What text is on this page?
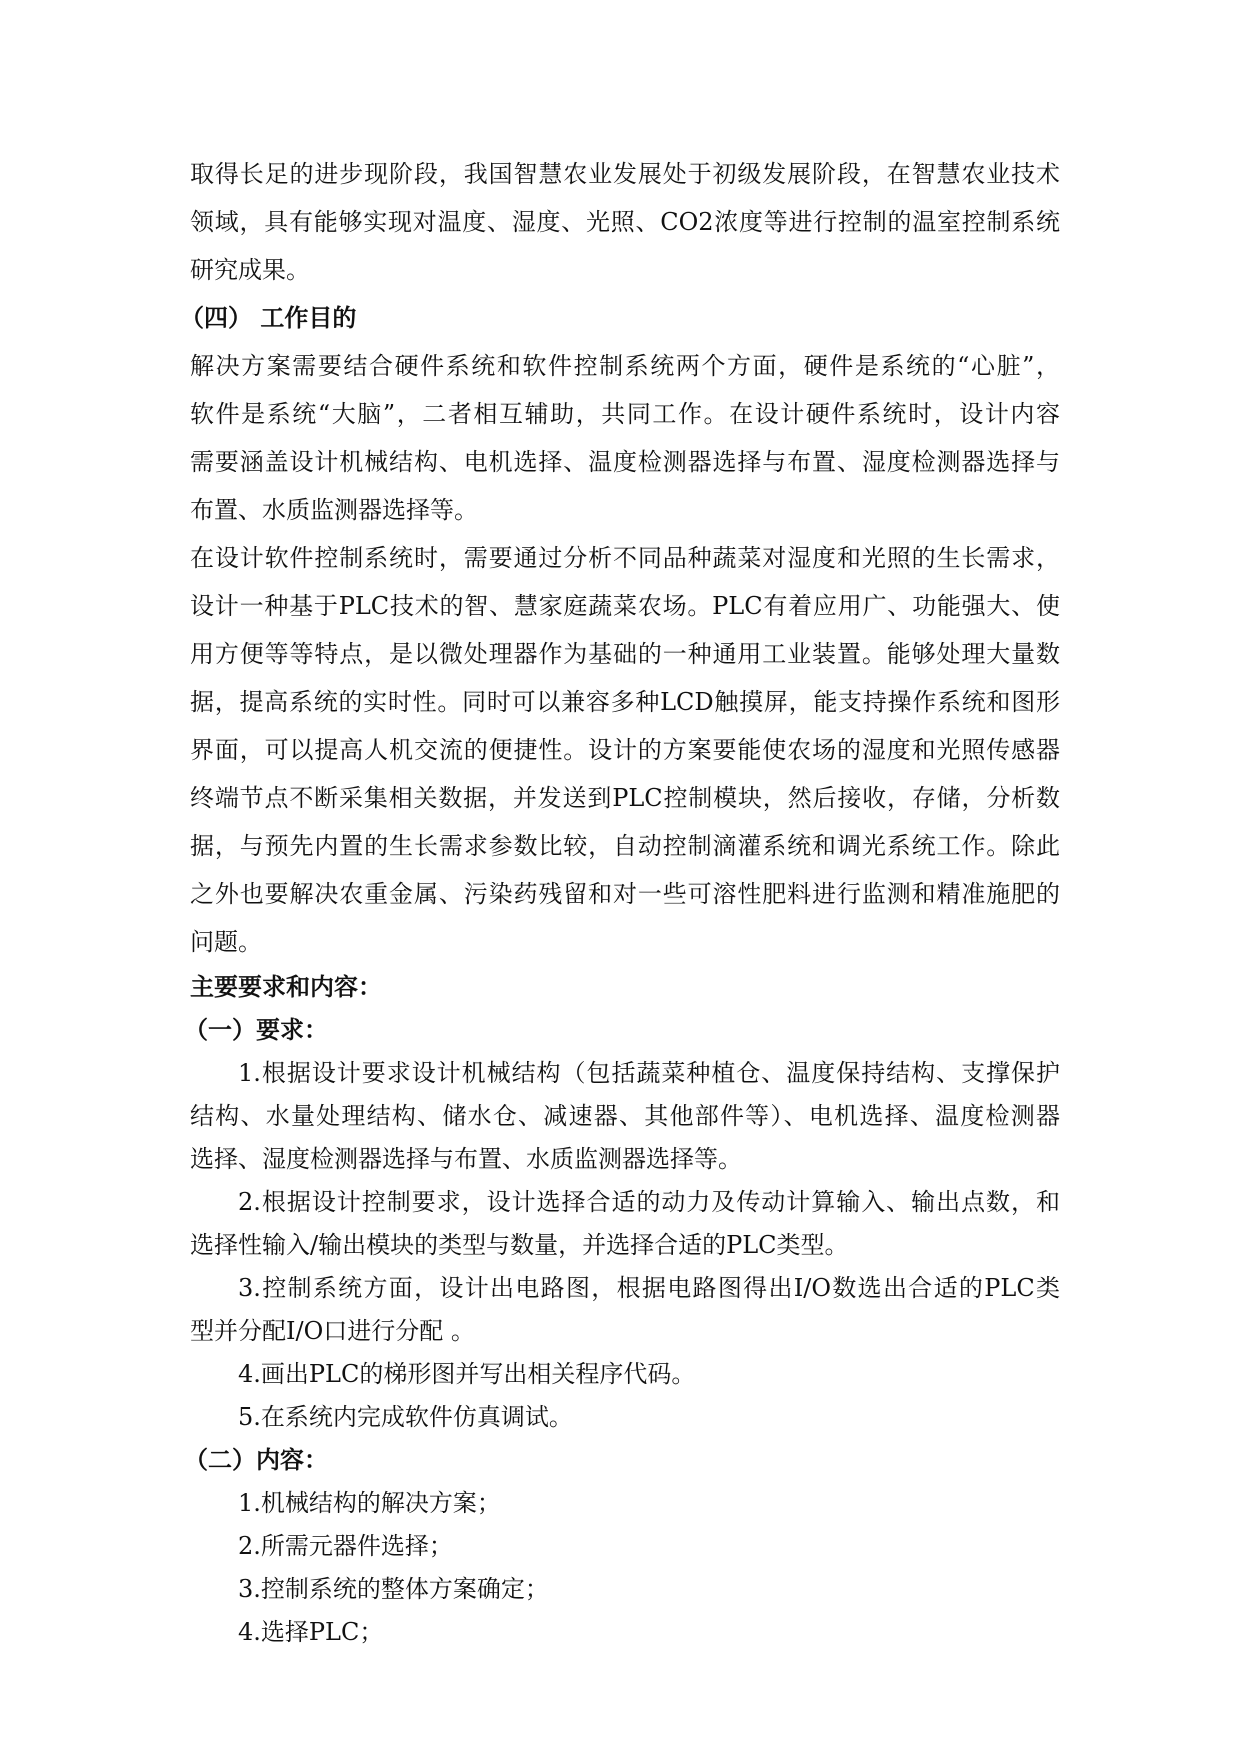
取得长足的进步现阶段，我国智慧农业发展处于初级发展阶段，在智慧农业技术
领域，具有能够实现对温度、湿度、光照、CO2浓度等进行控制的温室控制系统
研究成果。
（四） 工作目的
解决方案需要结合硬件系统和软件控制系统两个方面，硬件是系统的“心脏”，
软件是系统“大脑”，二者相互辅助，共同工作。在设计硬件系统时，设计内容
需要涵盖设计机械结构、电机选择、温度检测器选择与布置、湿度检测器选择与
布置、水质监测器选择等。
在设计软件控制系统时，需要通过分析不同品种蔬菜对湿度和光照的生长需求，
设计一种基于PLC技术的智、慧家庭蔬菜农场。PLC有着应用广、功能强大、使
用方便等等特点，是以微处理器作为基础的一种通用工业装置。能够处理大量数
据，提高系统的实时性。同时可以兼容多种LCD触摸屏，能支持操作系统和图形
界面，可以提高人机交流的便捷性。设计的方案要能使农场的湿度和光照传感器
终端节点不断采集相关数据，并发送到PLC控制模块，然后接收，存储，分析数
据，与预先内置的生长需求参数比较，自动控制滴灌系统和调光系统工作。除此
之外也要解决农重金属、污染药残留和对一些可溶性肥料进行监测和精准施肥的
问题。
主要要求和内容：
（一）要求：
1.根据设计要求设计机械结构（包括蔬菜种植仓、温度保持结构、支撑保护
结构、水量处理结构、储水仓、减速器、其他部件等）、电机选择、温度检测器
选择、湿度检测器选择与布置、水质监测器选择等。
2.根据设计控制要求，设计选择合适的动力及传动计算输入、输出点数，和
选择性输入/输出模块的类型与数量，并选择合适的PLC类型。
3.控制系统方面，设计出电路图，根据电路图得出I/O数选出合适的PLC类
型并分配I/O口进行分配 。
4.画出PLC的梯形图并写出相关程序代码。
5.在系统内完成软件仿真调试。
（二）内容：
1.机械结构的解决方案；
2.所需元器件选择；
3.控制系统的整体方案确定；
4.选择PLC；
